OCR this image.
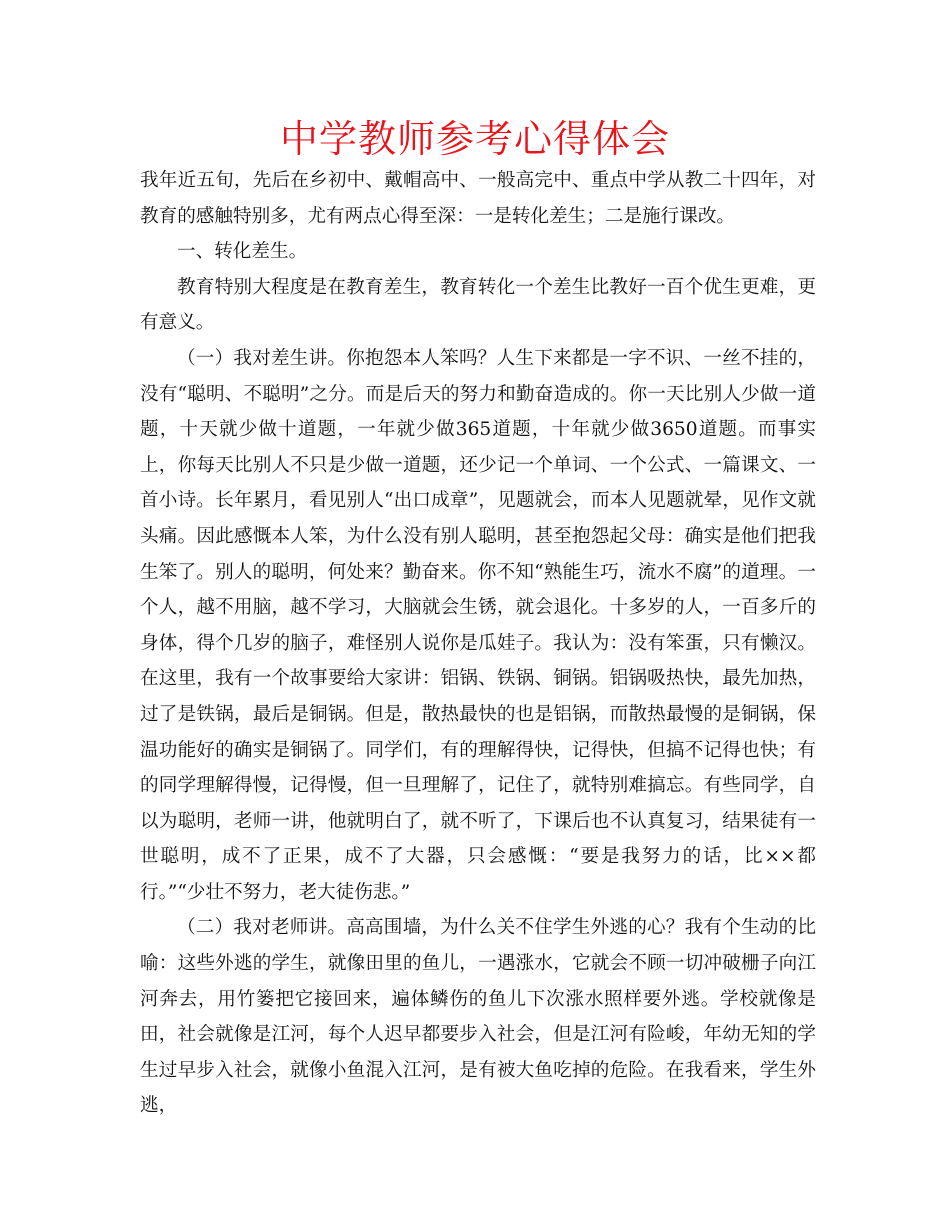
中学教师参考心得体会

我年近五旬，先后在乡初中、戴帽高中、一般高完中、重点中学从教二十四年，对教育的感触特别多，尤有两点心得至深：一是转化差生；二是施行课改。

一、转化差生。

教育特别大程度是在教育差生，教育转化一个差生比教好一百个优生更难，更有意义。

（一）我对差生讲。你抱怨本人笨吗？人生下来都是一字不识、一丝不挂的，没有“聪明、不聪明”之分。而是后天的努力和勤奋造成的。你一天比别人少做一道题，十天就少做十道题，一年就少做365道题，十年就少做3650道题。而事实上，你每天比别人不只是少做一道题，还少记一个单词、一个公式、一篇课文、一首小诗。长年累月，看见别人“出口成章”，见题就会，而本人见题就晕，见作文就头痛。因此感慨本人笨，为什么没有别人聪明，甚至抱怨起父母：确实是他们把我生笨了。别人的聪明，何处来？勤奋来。你不知“熟能生巧，流水不腐”的道理。一个人，越不用脑，越不学习，大脑就会生锈，就会退化。十多岁的人，一百多斤的身体，得个几岁的脑子，难怪别人说你是瓜娃子。我认为：没有笨蛋，只有懒汉。在这里，我有一个故事要给大家讲：铝锅、铁锅、铜锅。铝锅吸热快，最先加热，过了是铁锅，最后是铜锅。但是，散热最快的也是铝锅，而散热最慢的是铜锅，保温功能好的确实是铜锅了。同学们，有的理解得快，记得快，但搞不记得也快；有的同学理解得慢，记得慢，但一旦理解了，记住了，就特别难搞忘。有些同学，自以为聪明，老师一讲，他就明白了，就不听了，下课后也不认真复习，结果徒有一世聪明，成不了正果，成不了大器，只会感慨：“要是我努力的话，比××都行。”“少壮不努力，老大徒伤悲。”

（二）我对老师讲。高高围墙，为什么关不住学生外逃的心？我有个生动的比喻：这些外逃的学生，就像田里的鱼儿，一遇涨水，它就会不顾一切冲破栅子向江河奔去，用竹篓把它接回来，遍体鳞伤的鱼儿下次涨水照样要外逃。学校就像是田，社会就像是江河，每个人迟早都要步入社会，但是江河有险峻，年幼无知的学生过早步入社会，就像小鱼混入江河，是有被大鱼吃掉的危险。在我看来，学生外逃，
